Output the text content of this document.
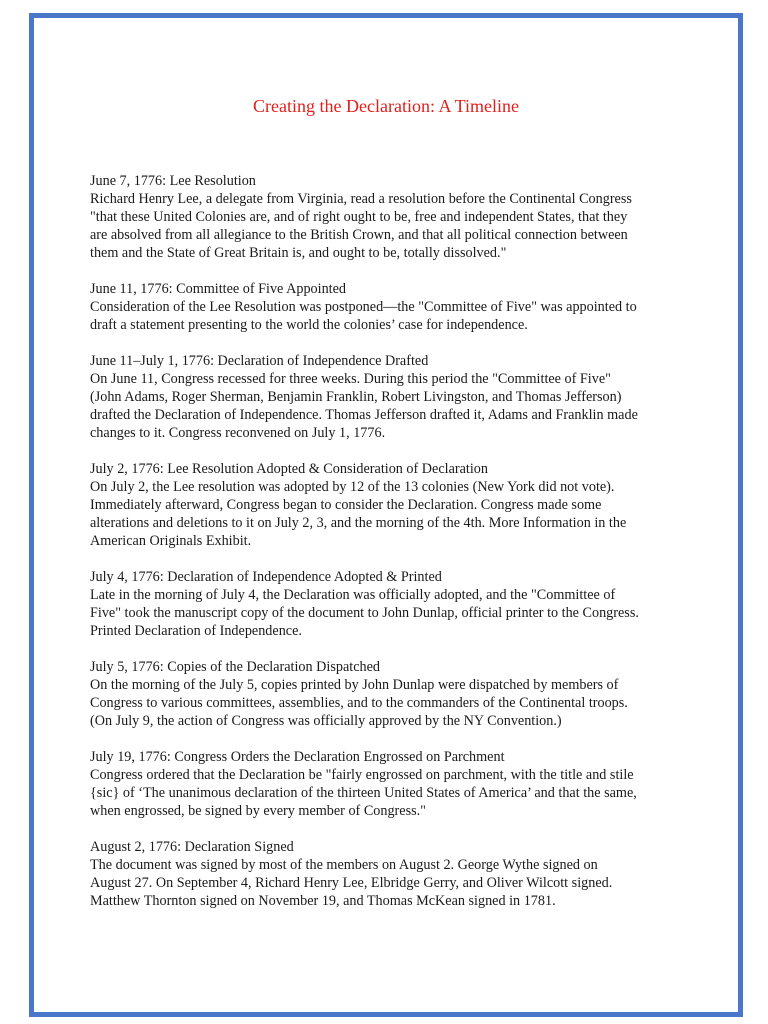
Creating the Declaration: A Timeline
June 7, 1776: Lee Resolution
Richard Henry Lee, a delegate from Virginia, read a resolution before the Continental Congress
"that these United Colonies are, and of right ought to be, free and independent States, that they
are absolved from all allegiance to the British Crown, and that all political connection between
them and the State of Great Britain is, and ought to be, totally dissolved."
June 11, 1776: Committee of Five Appointed
Consideration of the Lee Resolution was postponed—the "Committee of Five" was appointed to
draft a statement presenting to the world the colonies’ case for independence.
June 11–July 1, 1776: Declaration of Independence Drafted
On June 11, Congress recessed for three weeks. During this period the "Committee of Five"
(John Adams, Roger Sherman, Benjamin Franklin, Robert Livingston, and Thomas Jefferson)
drafted the Declaration of Independence. Thomas Jefferson drafted it, Adams and Franklin made
changes to it. Congress reconvened on July 1, 1776.
July 2, 1776: Lee Resolution Adopted & Consideration of Declaration
On July 2, the Lee resolution was adopted by 12 of the 13 colonies (New York did not vote).
Immediately afterward, Congress began to consider the Declaration. Congress made some
alterations and deletions to it on July 2, 3, and the morning of the 4th. More Information in the
American Originals Exhibit.
July 4, 1776: Declaration of Independence Adopted & Printed
Late in the morning of July 4, the Declaration was officially adopted, and the "Committee of
Five" took the manuscript copy of the document to John Dunlap, official printer to the Congress.
Printed Declaration of Independence.
July 5, 1776: Copies of the Declaration Dispatched
On the morning of the July 5, copies printed by John Dunlap were dispatched by members of
Congress to various committees, assemblies, and to the commanders of the Continental troops.
(On July 9, the action of Congress was officially approved by the NY Convention.)
July 19, 1776: Congress Orders the Declaration Engrossed on Parchment
Congress ordered that the Declaration be "fairly engrossed on parchment, with the title and stile
{sic} of ‘The unanimous declaration of the thirteen United States of America’ and that the same,
when engrossed, be signed by every member of Congress."
August 2, 1776: Declaration Signed
The document was signed by most of the members on August 2. George Wythe signed on
August 27. On September 4, Richard Henry Lee, Elbridge Gerry, and Oliver Wilcott signed.
Matthew Thornton signed on November 19, and Thomas McKean signed in 1781.
